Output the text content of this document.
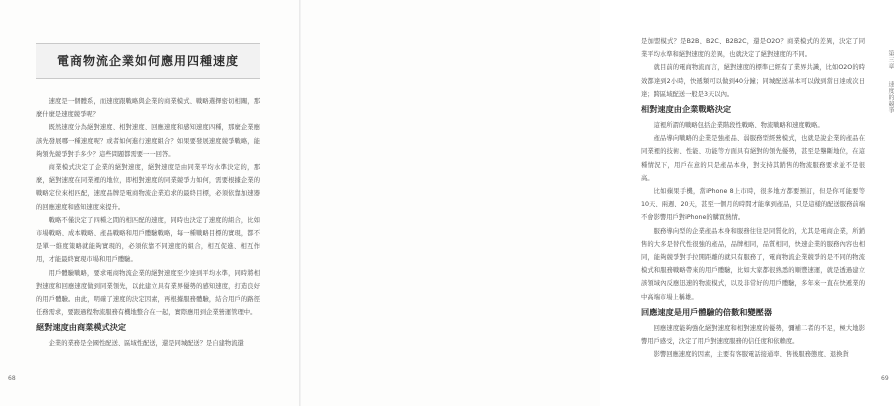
電商物流企業如何應用四種速度

速度是一個體系，而速度跟戰略與企業的商業模式、戰略選擇密切相關，那麼什麼是速度競爭呢？

既然速度分為絕對速度、相對速度、回應速度和感知速度四種，那麼企業應該先發展哪一種速度呢？或者如何進行速度組合？如果要發展速度競爭戰略，能夠領先競爭對手多少？這些問題都需要一一回答。

商業模式決定了企業的絕對速度，絕對速度是由同業平均水準決定的，那麼，絕對速度在同業裡的地位，即相對速度的同業競爭力如何，需要根據企業的戰略定位來相匹配，速度品牌是電商物流企業追求的最終目標，必須依靠加速器的回應速度和感知速度來提升。

戰略不僅決定了四種之間的相匹配的速度，同時也決定了速度的組合，比如市場戰略、成本戰略、產品戰略和用戶體驗戰略，每一種戰略目標的實現，都不是單一維度策略就能夠實現的，必須依靠不同速度的組合，相互促進、相互作用，才能最終實現市場和用戶體驗。

用戶體驗戰略，要求電商物流企業的絕對速度至少達到平均水準，同時將相對速度和回應速度做到同業領先，以此建立具有業界優勢的感知速度，打造良好的用戶體驗。由此，明確了速度的決定因素，再根據服務體驗，結合用戶的路徑任務需求，要跟過程物流服務有機地整合在一起，實際應用到企業營運管理中。

絕對速度由商業模式決定

企業的業務是全國性配送、區域性配送，還是同城配送？是自建物流還

68

是加盟模式？是B2B、B2C、B2B2C，還是O2O？商業模式的差異，決定了同業平均水準和絕對速度的差異，也就決定了絕對速度的不同。

就目前的電商物流而言，絕對速度的標準已經有了業界共識，比如O2O的時效都達到2小時，快遞類可以做到40分鐘；同城配送基本可以做到當日達或次日達；跨區域配送一般是3天以內。

相對速度由企業戰略決定

這裡所謂的戰略包括企業階段性戰略、物流戰略和速度戰略。

產品導向戰略的企業是強產品、弱服務型經營模式，也就是說企業的產品在同業裡的技術、性能、功能等方面具有絕對的領先優勢，甚至是壟斷地位，在這種情況下，用戶在意的只是產品本身，對支持其銷售的物流服務要求並不是很高。

比如蘋果手機，當iPhone 8上市時，很多地方都要預訂，但是你可能要等10天、兩週、20天，甚至一個月的時間才能拿到產品，只是這樣的配送服務前端不會影響用戶對iPhone的購買熱情。

服務導向型的企業產品本身和服務往往是同質化的，尤其是電商企業，所銷售的大多是替代性很強的產品，品牌相同，品質相同，快速企業的服務內容也相同，能夠競爭對手拉開距離的就只有服務了，電商物流企業競爭的是不同的物流模式和服務戰略帶來的用戶體驗，比如大家都很熟悉的順豐速運，就是透過建立該領域內反應迅速的物流模式，以及非常好的用戶體驗，多年來一直在快遞業的中高端市場上稱雄。

回應速度是用戶體驗的倍數和變壓器

回應速度能夠強化絕對速度和相對速度的優勢，彌補二者的不足，極大地影響用戶感受，決定了用戶對速度服務的信任度和依賴度。

影響回應速度的因素，主要有客服電話接通率、售後服務態度、退換貨

第三章 速度的競爭
69
